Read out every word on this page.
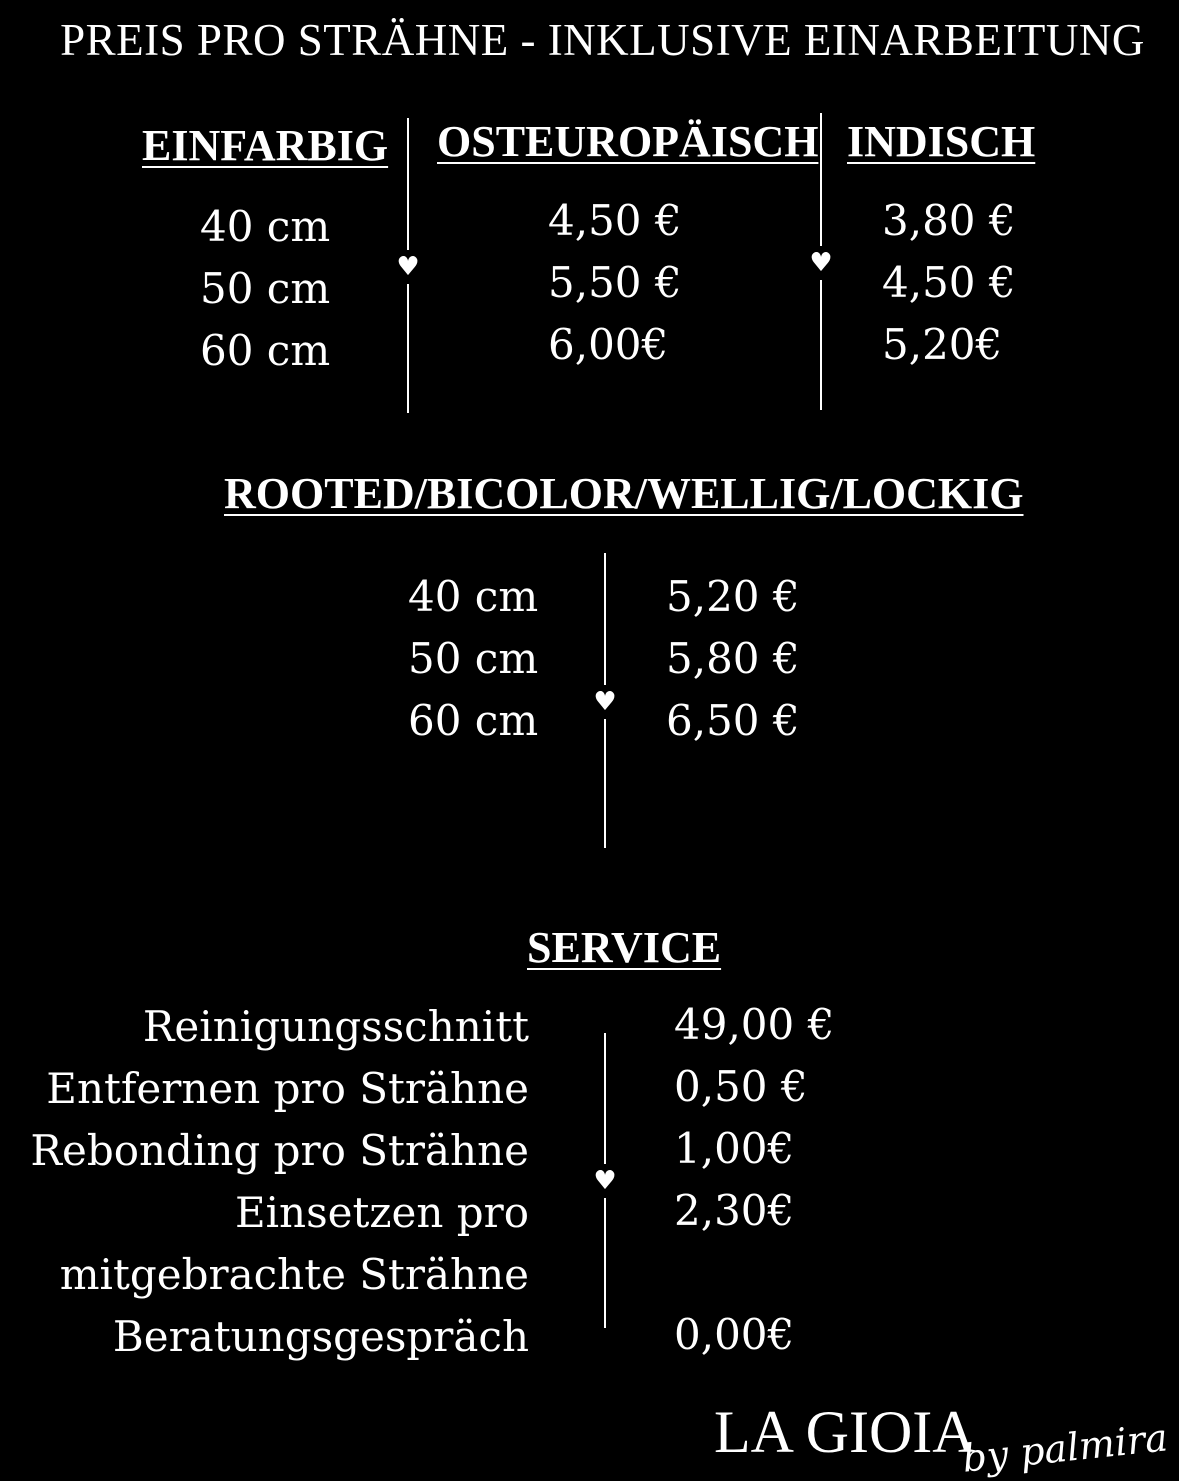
PREIS PRO STRÄHNE - INKLUSIVE EINARBEITUNG
EINFARBIG OSTEUROPÄISCH INDISCH
40 cm
50 cm
60 cm
4,50 €
5,50 €
6,00€
3,80 €
4,50 €
5,20€
♥	♥
ROOTED/BICOLOR/WELLIG/LOCKIG
40 cm
50 cm
60 cm
5,20 €
5,80 €
6,50 €
♥
SERVICE
Reinigungsschnitt
Entfernen pro Strähne
Rebonding pro Strähne
Einsetzen pro
mitgebrachte Strähne
Beratungsgespräch
49,00 €
0,50 €
1,00€
2,30€

0,00€
♥
LA GIOIA
by palmira
